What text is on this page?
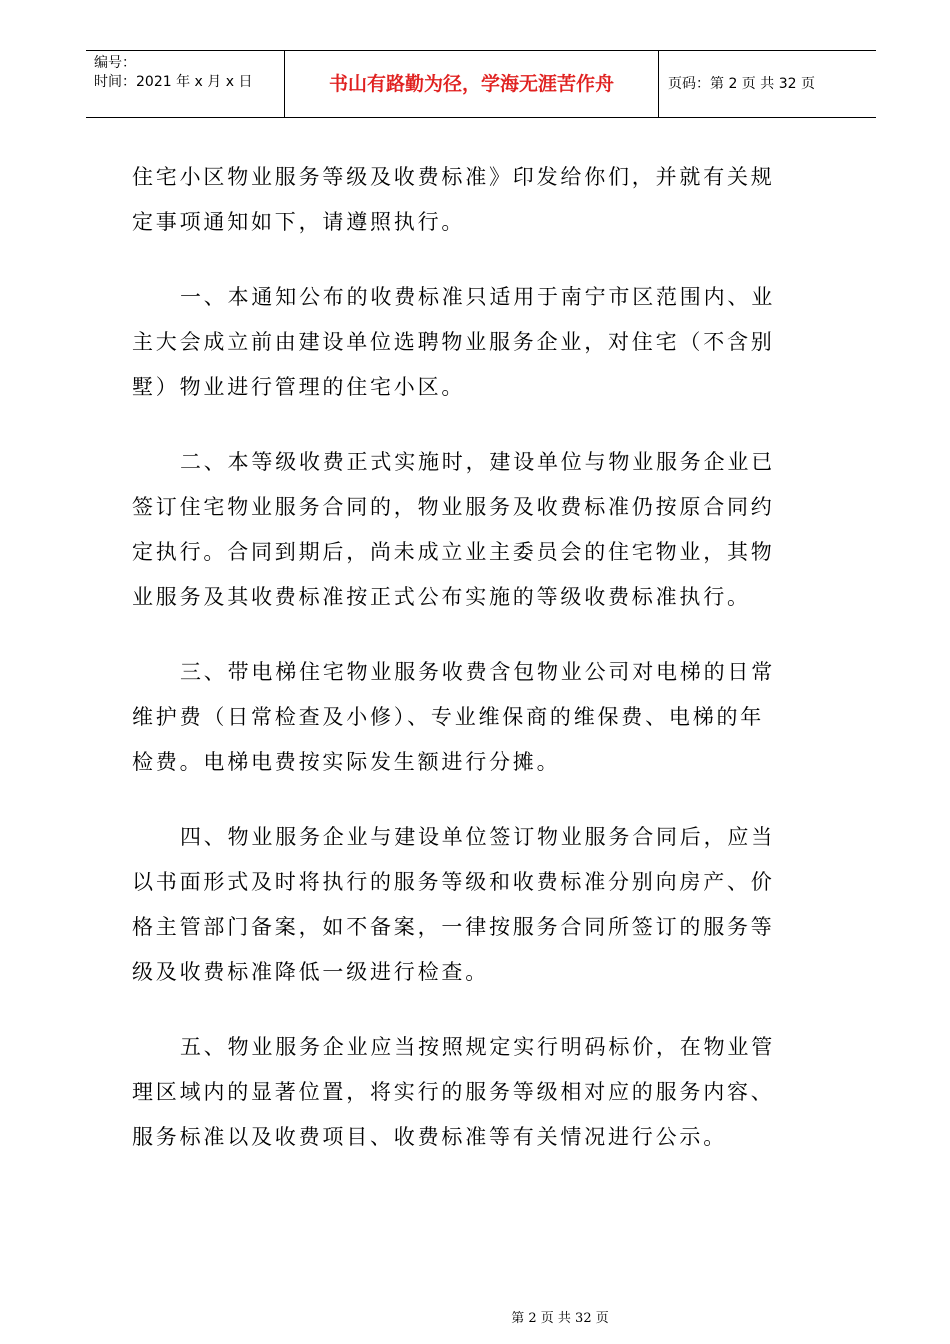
编号：
时间：2021 年 x 月 x 日	书山有路勤为径，学海无涯苦作舟	页码：第 2 页 共 32 页

住宅小区物业服务等级及收费标准》印发给你们，并就有关规
定事项通知如下，请遵照执行。

一、本通知公布的收费标准只适用于南宁市区范围内、业
主大会成立前由建设单位选聘物业服务企业，对住宅（不含别
墅）物业进行管理的住宅小区。

二、本等级收费正式实施时，建设单位与物业服务企业已
签订住宅物业服务合同的，物业服务及收费标准仍按原合同约
定执行。合同到期后，尚未成立业主委员会的住宅物业，其物
业服务及其收费标准按正式公布实施的等级收费标准执行。

三、带电梯住宅物业服务收费含包物业公司对电梯的日常
维护费（日常检查及小修）、专业维保商的维保费、电梯的年
检费。电梯电费按实际发生额进行分摊。

四、物业服务企业与建设单位签订物业服务合同后，应当
以书面形式及时将执行的服务等级和收费标准分别向房产、价
格主管部门备案，如不备案，一律按服务合同所签订的服务等
级及收费标准降低一级进行检查。

五、物业服务企业应当按照规定实行明码标价，在物业管
理区域内的显著位置，将实行的服务等级相对应的服务内容、
服务标准以及收费项目、收费标准等有关情况进行公示。

第 2 页 共 32 页
